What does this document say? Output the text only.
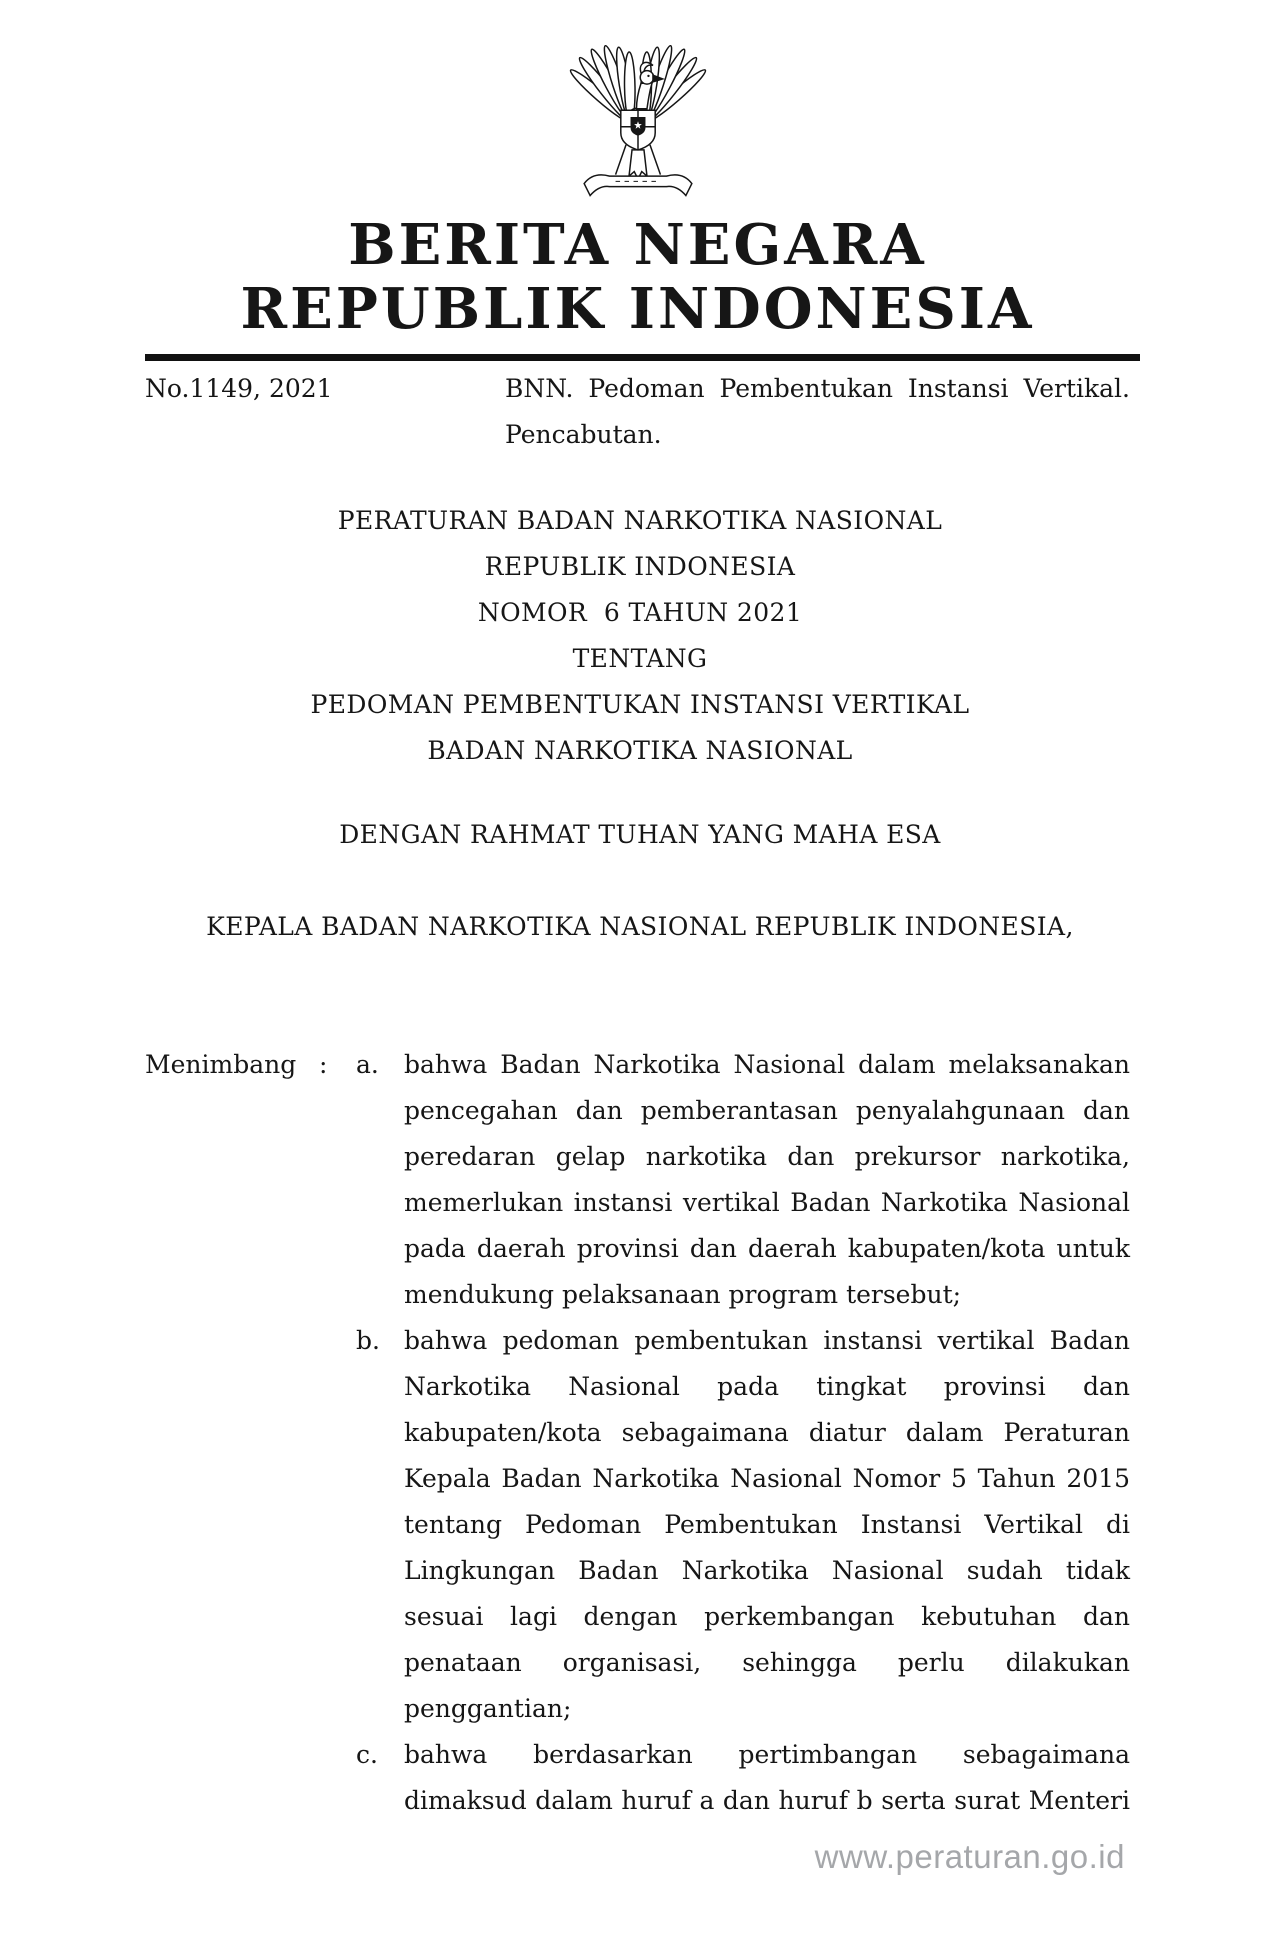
BERITA NEGARA
REPUBLIK INDONESIA
No.1149, 2021	BNN. Pedoman Pembentukan Instansi Vertikal.
Pencabutan.
PERATURAN BADAN NARKOTIKA NASIONAL
REPUBLIK INDONESIA
NOMOR  6 TAHUN 2021
TENTANG
PEDOMAN PEMBENTUKAN INSTANSI VERTIKAL
BADAN NARKOTIKA NASIONAL
DENGAN RAHMAT TUHAN YANG MAHA ESA
KEPALA BADAN NARKOTIKA NASIONAL REPUBLIK INDONESIA,
Menimbang :	a.	bahwa Badan Narkotika Nasional dalam melaksanakan
pencegahan dan pemberantasan penyalahgunaan dan
peredaran gelap narkotika dan prekursor narkotika,
memerlukan instansi vertikal Badan Narkotika Nasional
pada daerah provinsi dan daerah kabupaten/kota untuk
mendukung pelaksanaan program tersebut;
b. bahwa pedoman pembentukan instansi vertikal Badan
Narkotika Nasional pada tingkat provinsi dan
kabupaten/kota sebagaimana diatur dalam Peraturan
Kepala Badan Narkotika Nasional Nomor 5 Tahun 2015
tentang Pedoman Pembentukan Instansi Vertikal di
Lingkungan Badan Narkotika Nasional sudah tidak
sesuai lagi dengan perkembangan kebutuhan dan
penataan organisasi, sehingga perlu dilakukan
penggantian;
c.	bahwa berdasarkan pertimbangan sebagaimana
dimaksud dalam huruf a dan huruf b serta surat Menteri
www.peraturan.go.id
